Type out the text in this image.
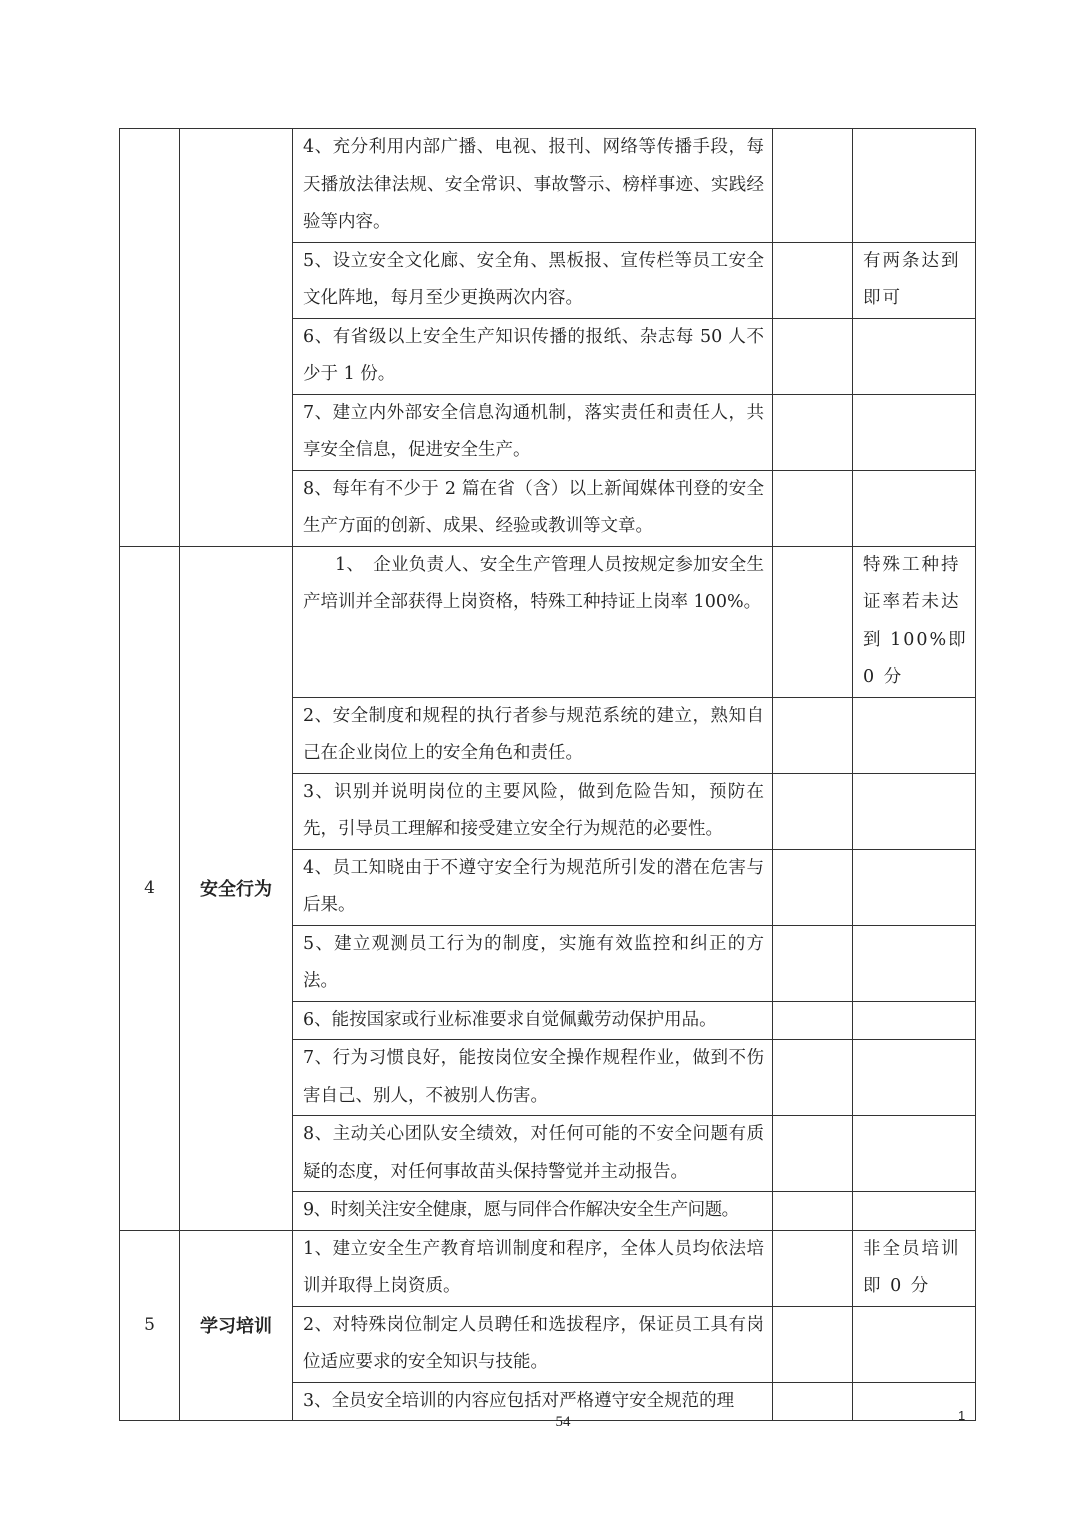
		4、充分利用内部广播、电视、报刊、网络等传播手段，每天播放法律法规、安全常识、事故警示、榜样事迹、实践经验等内容。		
		5、设立安全文化廊、安全角、黑板报、宣传栏等员工安全文化阵地，每月至少更换两次内容。		有两条达到即可
		6、有省级以上安全生产知识传播的报纸、杂志每 50 人不少于 1 份。		
		7、建立内外部安全信息沟通机制，落实责任和责任人，共享安全信息，促进安全生产。		
		8、每年有不少于 2 篇在省（含）以上新闻媒体刊登的安全生产方面的创新、成果、经验或教训等文章。		
4	安全行为	1、　企业负责人、安全生产管理人员按规定参加安全生产培训并全部获得上岗资格，特殊工种持证上岗率 100%。		特殊工种持证率若未达到 100%即 0 分
		2、安全制度和规程的执行者参与规范系统的建立，熟知自己在企业岗位上的安全角色和责任。		
		3、识别并说明岗位的主要风险，做到危险告知，预防在先，引导员工理解和接受建立安全行为规范的必要性。		
		4、员工知晓由于不遵守安全行为规范所引发的潜在危害与后果。		
		5、建立观测员工行为的制度，实施有效监控和纠正的方法。		
		6、能按国家或行业标准要求自觉佩戴劳动保护用品。		
		7、行为习惯良好，能按岗位安全操作规程作业，做到不伤害自己、别人，不被别人伤害。		
		8、主动关心团队安全绩效，对任何可能的不安全问题有质疑的态度，对任何事故苗头保持警觉并主动报告。		
		9、时刻关注安全健康，愿与同伴合作解决安全生产问题。		
5	学习培训	1、建立安全生产教育培训制度和程序，全体人员均依法培训并取得上岗资质。		非全员培训即 0 分
		2、对特殊岗位制定人员聘任和选拔程序，保证员工具有岗位适应要求的安全知识与技能。		
		3、全员安全培训的内容应包括对严格遵守安全规范的理		
54	1
